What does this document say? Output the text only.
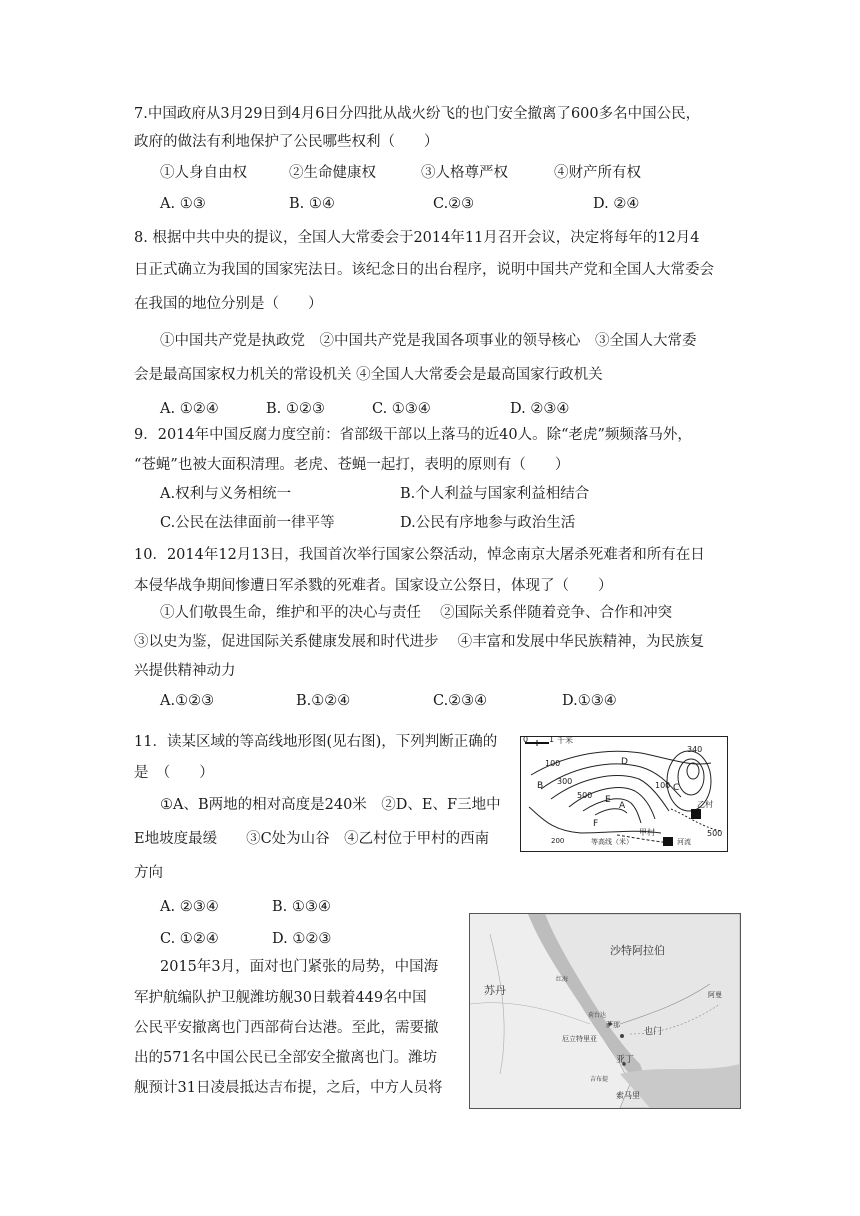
7.中国政府从3月29日到4月6日分四批从战火纷飞的也门安全撤离了600多名中国公民，
政府的做法有利地保护了公民哪些权利（　　）
①人身自由权	②生命健康权	③人格尊严权	④财产所有权
A. ①③	B. ①④	C.②③	D. ②④
8. 根据中共中央的提议，全国人大常委会于2014年11月召开会议，决定将每年的12月4
日正式确立为我国的国家宪法日。该纪念日的出台程序，说明中国共产党和全国人大常委会
在我国的地位分别是（　　）
①中国共产党是执政党　②中国共产党是我国各项事业的领导核心　③全国人大常委
会是最高国家权力机关的常设机关 ④全国人大常委会是最高国家行政机关
A. ①②④	B. ①②③	C. ①③④	D. ②③④
9．2014年中国反腐力度空前：省部级干部以上落马的近40人。除“老虎”频频落马外，
“苍蝇”也被大面积清理。老虎、苍蝇一起打，表明的原则有（　　）
A.权利与义务相统一	B.个人利益与国家利益相结合
C.公民在法律面前一律平等	D.公民有序地参与政治生活
10．2014年12月13日，我国首次举行国家公祭活动，悼念南京大屠杀死难者和所有在日
本侵华战争期间惨遭日军杀戮的死难者。国家设立公祭日，体现了（　　）
①人们敬畏生命，维护和平的决心与责任　 ②国际关系伴随着竞争、合作和冲突
③以史为鉴，促进国际关系健康发展和时代进步　 ④丰富和发展中华民族精神，为民族复
兴提供精神动力
A.①②③	B.①②④	C.②③④	D.①③④
11．读某区域的等高线地形图(见右图)，下列判断正确的
是　（　　）
①A、B两地的相对高度是240米　②D、E、F三地中
E地坡度最缓　　③C处为山谷　④乙村位于甲村的西南
方向
A. ②③④	B. ①③④
C. ①②④	D. ①②③
2015年3月，面对也门紧张的局势，中国海
军护航编队护卫舰潍坊舰30日载着449名中国
公民平安撤离也门西部荷台达港。至此，需要撤
出的571名中国公民已全部安全撤离也门。潍坊
舰预计31日凌晨抵达吉布提，之后，中方人员将
0	1 千米
D
B	C
A
E
F
100
300
500
100
500
340
乙村
甲村
200	等高线（米）	河流
沙特阿拉伯
苏丹
也门
阿曼
厄立特里亚
萨那
亚丁
索马里
吉布提
红海
荷台达
